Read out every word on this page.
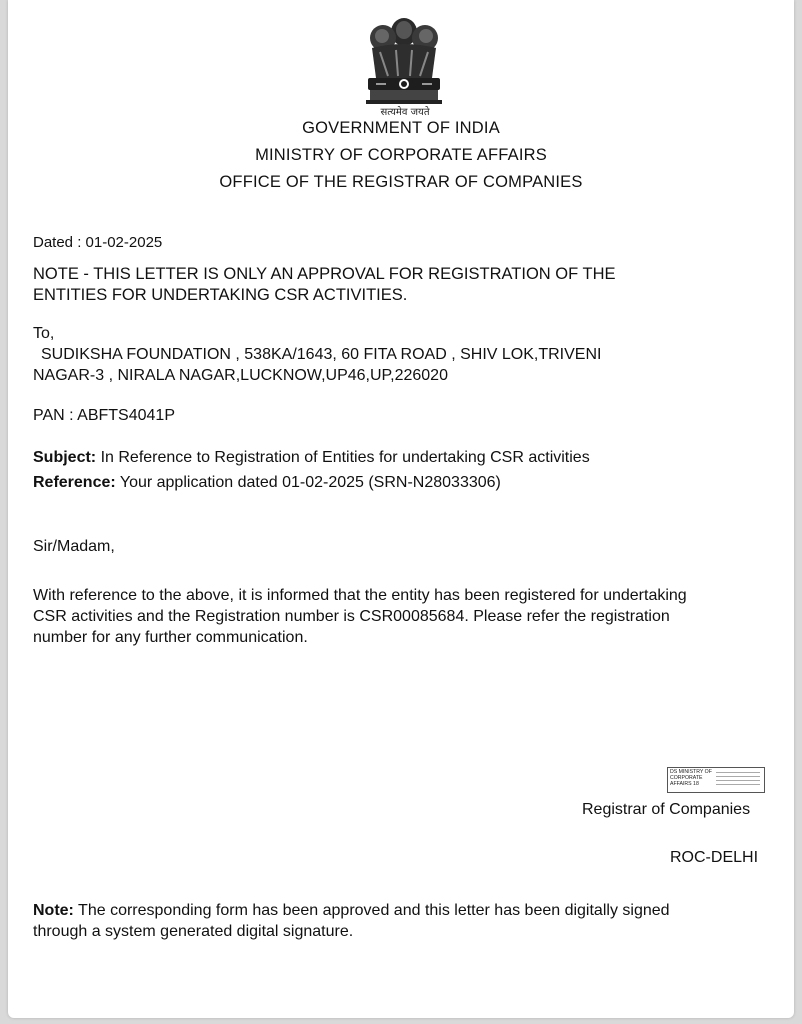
सत्यमेव जयते
GOVERNMENT OF INDIA
MINISTRY OF CORPORATE AFFAIRS
OFFICE OF THE REGISTRAR OF COMPANIES
Dated : 01-02-2025
NOTE - THIS LETTER IS ONLY AN APPROVAL FOR REGISTRATION OF THE
ENTITIES FOR UNDERTAKING CSR ACTIVITIES.
To,
SUDIKSHA FOUNDATION , 538KA/1643, 60 FITA ROAD , SHIV LOK,TRIVENI
NAGAR-3 , NIRALA NAGAR,LUCKNOW,UP46,UP,226020
PAN : ABFTS4041P
Subject: In Reference to Registration of Entities for undertaking CSR activities
Reference: Your application dated 01-02-2025 (SRN-N28033306)
Sir/Madam,
With reference to the above, it is informed that the entity has been registered for undertaking
CSR activities and the Registration number is CSR00085684. Please refer the registration
number for any further communication.
DS MINISTRY OF CORPORATE AFFAIRS 18
Registrar of Companies
ROC-DELHI
Note: The corresponding form has been approved and this letter has been digitally signed
through a system generated digital signature.
